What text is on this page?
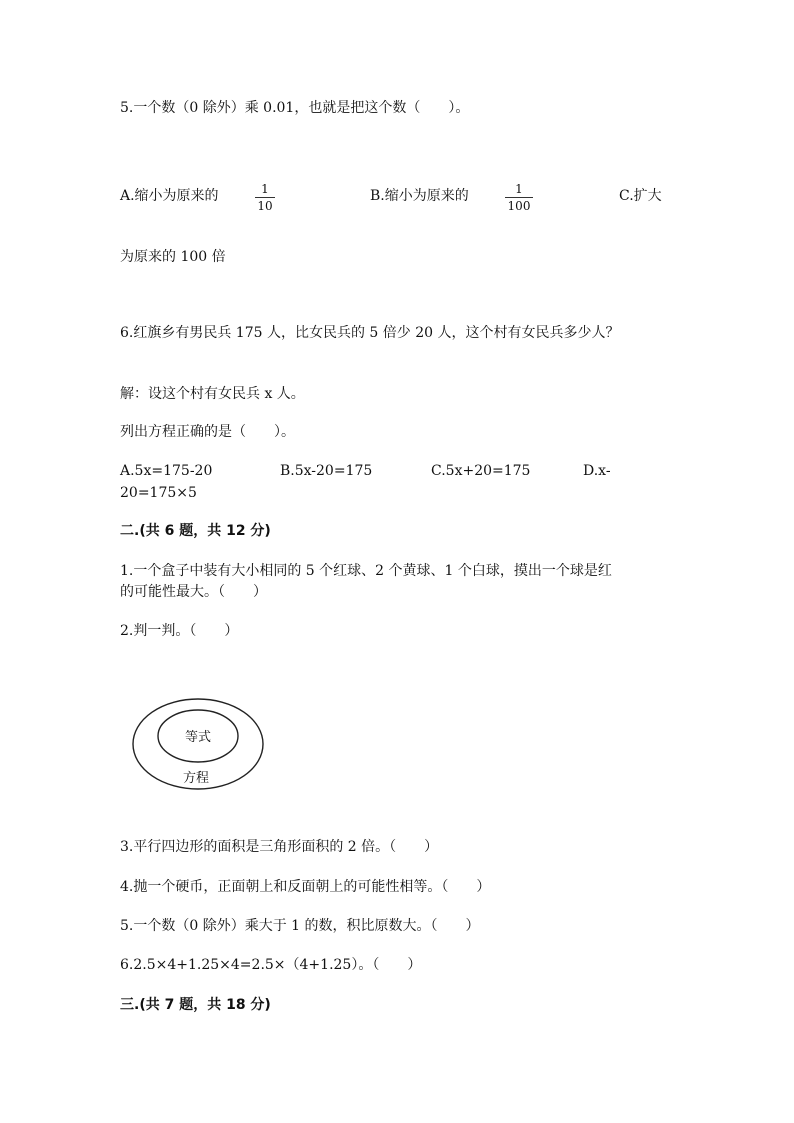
5.一个数（0 除外）乘 0.01，也就是把这个数（　　）。
A.缩小为原来的	1
10
B.缩小为原来的	1
100
C.扩大
为原来的 100 倍
6.红旗乡有男民兵 175 人，比女民兵的 5 倍少 20 人，这个村有女民兵多少人？
解：设这个村有女民兵 x 人。
列出方程正确的是（　　）。
A.5x=175-20	B.5x-20=175	C.5x+20=175	D.x-
20=175×5
二.(共 6 题，共 12 分)
1.一个盒子中装有大小相同的 5 个红球、2 个黄球、1 个白球，摸出一个球是红
的可能性最大。（　　）
2.判一判。（　　）
等式
方程
3.平行四边形的面积是三角形面积的 2 倍。（　　）
4.抛一个硬币，正面朝上和反面朝上的可能性相等。（　　）
5.一个数（0 除外）乘大于 1 的数，积比原数大。（　　）
6.2.5×4+1.25×4=2.5×（4+1.25）。（　　）
三.(共 7 题，共 18 分)
